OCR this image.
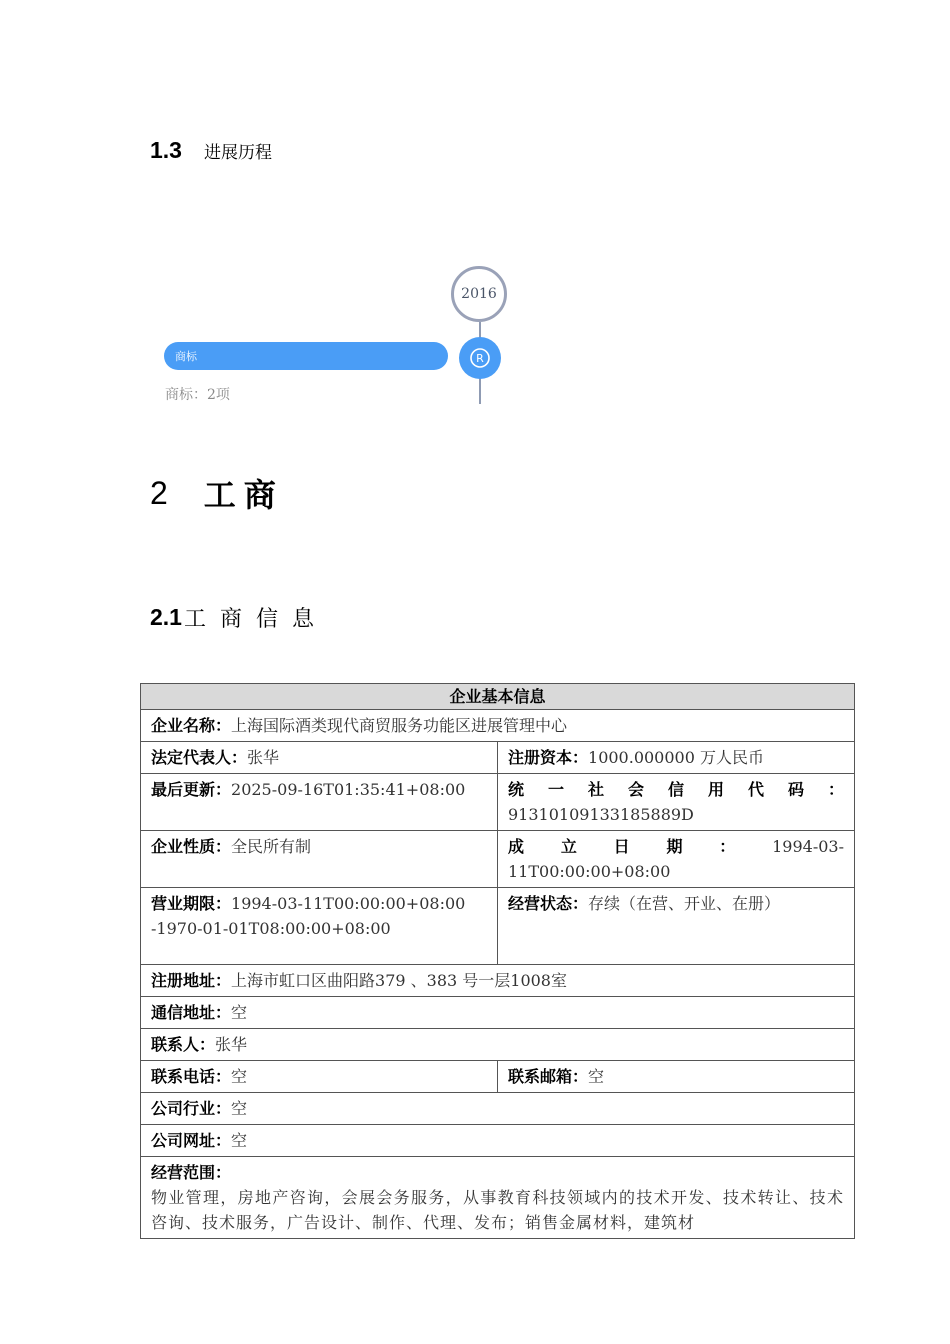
1.3 进展历程
2016
商标	R
商标：2项
2 工商
2.1 工商信息
企业基本信息	
企业名称：上海国际酒类现代商贸服务功能区进展管理中心	
法定代表人：张华	注册资本：1000.000000 万人民币
最后更新：2025-09-16T01:35:41+08:00	统一社会信用代码：
91310109133185889D

企业性质：全民所有制	成立日期：1994-03-
11T00:00:00+08:00

营业期限：1994-03-11T00:00:00+08:00
-1970-01-01T08:00:00+08:00	经营状态：存续（在营、开业、在册）
注册地址：上海市虹口区曲阳路379 、383 号一层1008室	
通信地址：空	
联系人：张华	
联系电话：空	联系邮箱：空
公司行业：空	
公司网址：空	

经营范围：
物业管理，房地产咨询，会展会务服务，从事教育科技领域内的技术开发、技术转让、技术咨询、技术服务，广告设计、制作、代理、发布；销售金属材料，建筑材	
